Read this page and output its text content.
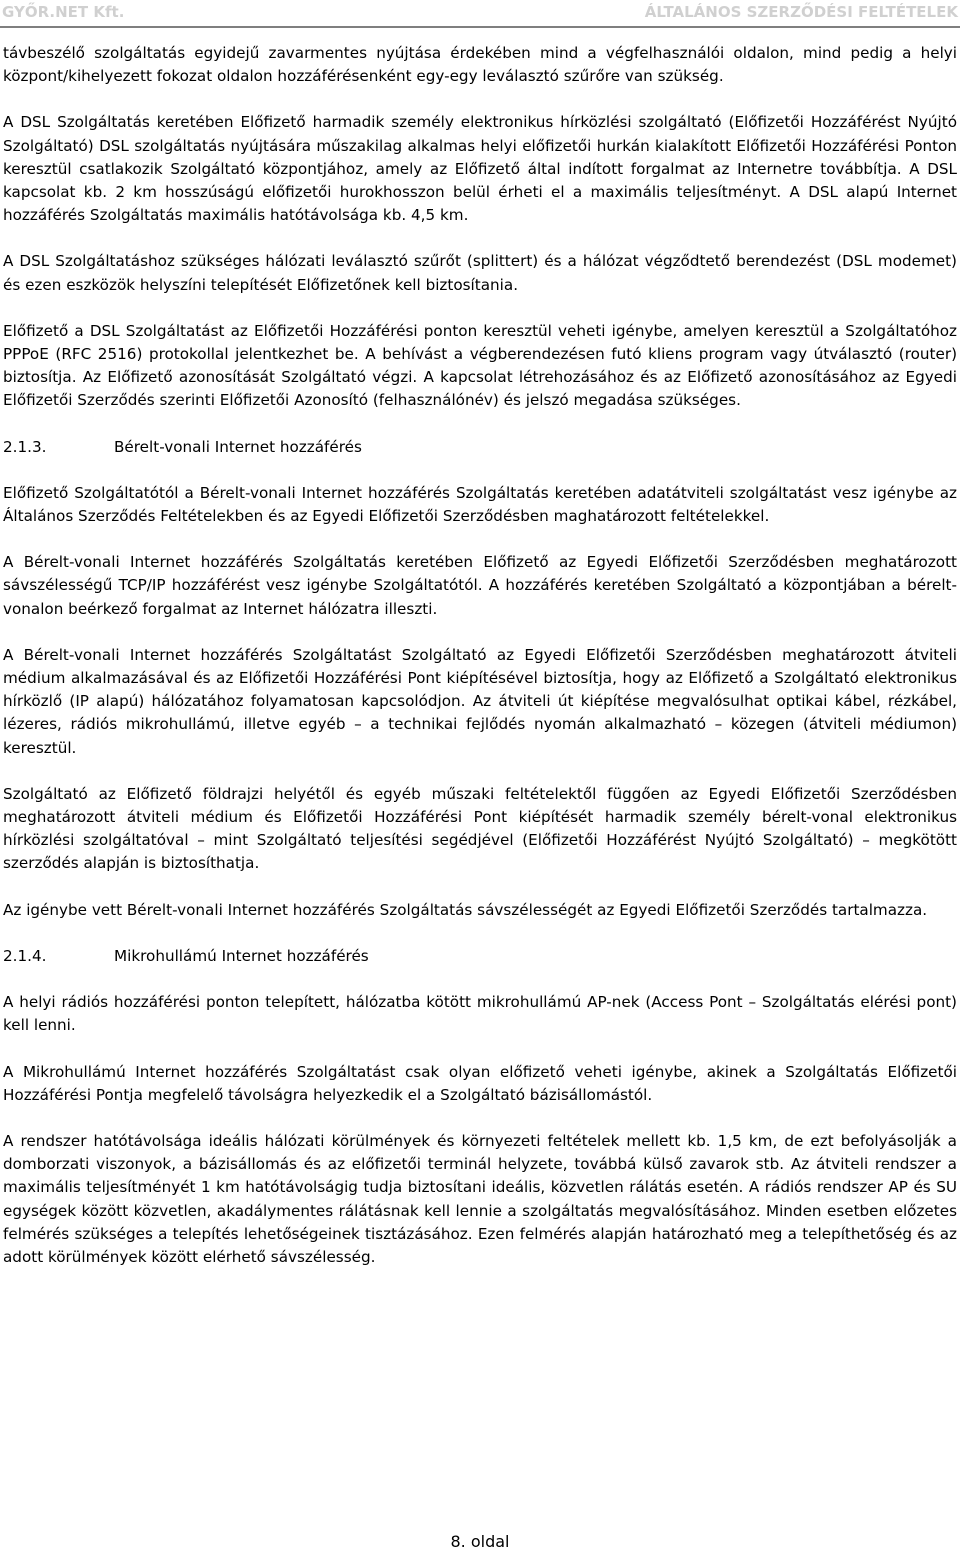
GYŐR.NET Kft.	ÁLTALÁNOS SZERZŐDÉSI FELTÉTELEK

távbeszélő szolgáltatás egyidejű zavarmentes nyújtása érdekében mind a végfelhasználói oldalon, mind pedig a helyi központ/kihelyezett fokozat oldalon hozzáférésenként egy-egy leválasztó szűrőre van szükség.

A DSL Szolgáltatás keretében Előfizető harmadik személy elektronikus hírközlési szolgáltató (Előfizetői Hozzáférést Nyújtó Szolgáltató) DSL szolgáltatás nyújtására műszakilag alkalmas helyi előfizetői hurkán kialakított Előfizetői Hozzáférési Ponton keresztül csatlakozik Szolgáltató központjához, amely az Előfizető által indított forgalmat az Internetre továbbítja. A DSL kapcsolat kb. 2 km hosszúságú előfizetői hurokhosszon belül érheti el a maximális teljesítményt. A DSL alapú Internet hozzáférés Szolgáltatás maximális hatótávolsága kb. 4,5 km.

A DSL Szolgáltatáshoz szükséges hálózati leválasztó szűrőt (splittert) és a hálózat végződtető berendezést (DSL modemet) és ezen eszközök helyszíni telepítését Előfizetőnek kell biztosítania.

Előfizető a DSL Szolgáltatást az Előfizetői Hozzáférési ponton keresztül veheti igénybe, amelyen keresztül a Szolgáltatóhoz PPPoE (RFC 2516) protokollal jelentkezhet be. A behívást a végberendezésen futó kliens program vagy útválasztó (router) biztosítja. Az Előfizető azonosítását Szolgáltató végzi. A kapcsolat létrehozásához és az Előfizető azonosításához az Egyedi Előfizetői Szerződés szerinti Előfizetői Azonosító (felhasználónév) és jelszó megadása szükséges.

2.1.3.	Bérelt-vonali Internet hozzáférés

Előfizető Szolgáltatótól a Bérelt-vonali Internet hozzáférés Szolgáltatás keretében adatátviteli szolgáltatást vesz igénybe az Általános Szerződés Feltételekben és az Egyedi Előfizetői Szerződésben maghatározott feltételekkel.

A Bérelt-vonali Internet hozzáférés Szolgáltatás keretében Előfizető az Egyedi Előfizetői Szerződésben meghatározott sávszélességű TCP/IP hozzáférést vesz igénybe Szolgáltatótól. A hozzáférés keretében Szolgáltató a központjában a bérelt-vonalon beérkező forgalmat az Internet hálózatra illeszti.

A Bérelt-vonali Internet hozzáférés Szolgáltatást Szolgáltató az Egyedi Előfizetői Szerződésben meghatározott átviteli médium alkalmazásával és az Előfizetői Hozzáférési Pont kiépítésével biztosítja, hogy az Előfizető a Szolgáltató elektronikus hírközlő (IP alapú) hálózatához folyamatosan kapcsolódjon. Az átviteli út kiépítése megvalósulhat optikai kábel, rézkábel, lézeres, rádiós mikrohullámú, illetve egyéb – a technikai fejlődés nyomán alkalmazható – közegen (átviteli médiumon) keresztül.

Szolgáltató az Előfizető földrajzi helyétől és egyéb műszaki feltételektől függően az Egyedi Előfizetői Szerződésben meghatározott átviteli médium és Előfizetői Hozzáférési Pont kiépítését harmadik személy bérelt-vonal elektronikus hírközlési szolgáltatóval – mint Szolgáltató teljesítési segédjével (Előfizetői Hozzáférést Nyújtó Szolgáltató) – megkötött szerződés alapján is biztosíthatja.

Az igénybe vett Bérelt-vonali Internet hozzáférés Szolgáltatás sávszélességét az Egyedi Előfizetői Szerződés tartalmazza.

2.1.4.	Mikrohullámú Internet hozzáférés

A helyi rádiós hozzáférési ponton telepített, hálózatba kötött mikrohullámú AP-nek (Access Pont – Szolgáltatás elérési pont) kell lenni.

A Mikrohullámú Internet hozzáférés Szolgáltatást csak olyan előfizető veheti igénybe, akinek a Szolgáltatás Előfizetői Hozzáférési Pontja megfelelő távolságra helyezkedik el a Szolgáltató bázisállomástól.

A rendszer hatótávolsága ideális hálózati körülmények és környezeti feltételek mellett kb. 1,5 km, de ezt befolyásolják a domborzati viszonyok, a bázisállomás és az előfizetői terminál helyzete, továbbá külső zavarok stb. Az átviteli rendszer a maximális teljesítményét 1 km hatótávolságig tudja biztosítani ideális, közvetlen rálátás esetén. A rádiós rendszer AP és SU egységek között közvetlen, akadálymentes rálátásnak kell lennie a szolgáltatás megvalósításához. Minden esetben előzetes felmérés szükséges a telepítés lehetőségeinek tisztázásához. Ezen felmérés alapján határozható meg a telepíthetőség és az adott körülmények között elérhető sávszélesség.

8. oldal
